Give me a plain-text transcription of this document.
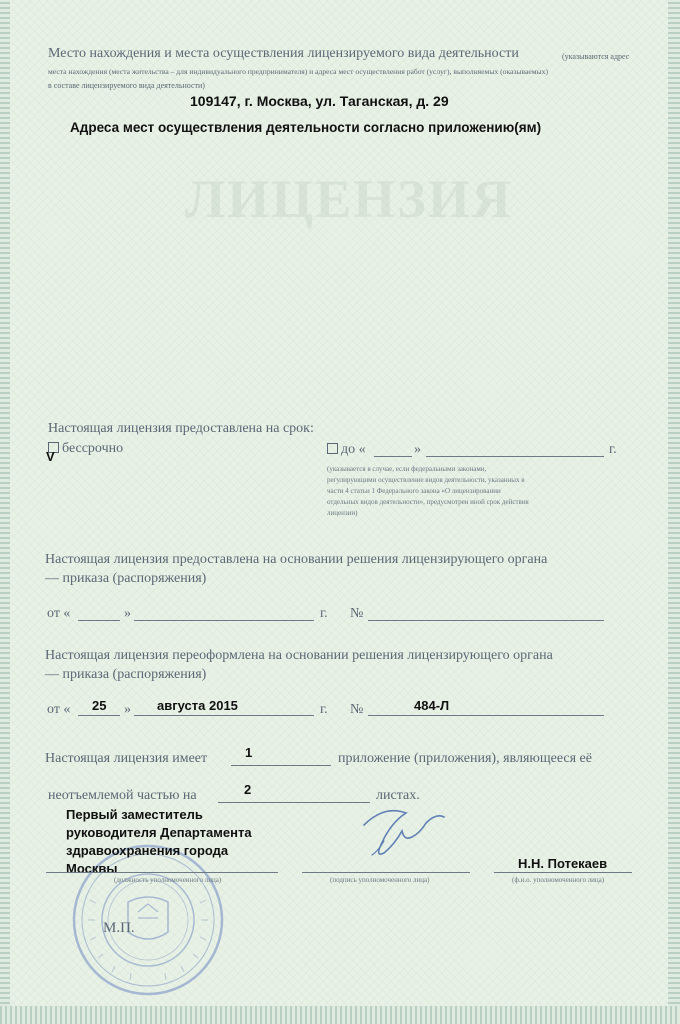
ЛИЦЕНЗИЯ
Место нахождения и места осуществления лицензируемого вида деятельности	(указываются адрес
места нахождения (места жительства – для индивидуального предпринимателя) и адреса мест осуществления работ (услуг), выполняемых (оказываемых)
в составе лицензируемого вида деятельности)
109147, г. Москва, ул. Таганская, д. 29
Адреса мест осуществления деятельности согласно приложению(ям)
Настоящая лицензия предоставлена на срок:
бессрочно
V	до «	»	г.
(указывается в случае, если федеральными законами, регулирующими осуществление видов деятельности, указанных в части 4 статьи 1 Федерального закона «О лицензировании отдельных видов деятельности», предусмотрен иной срок действия лицензии)
Настоящая лицензия предоставлена на основании решения лицензирующего органа
— приказа (распоряжения)
от «	»	г. №
Настоящая лицензия переоформлена на основании решения лицензирующего органа
— приказа (распоряжения)
от « 25 » августа 2015	г. №	484-Л
Настоящая лицензия имеет	1	приложение (приложения), являющееся её
неотъемлемой частью на	2	листах.
М.П.
Первый заместитель
руководителя Департамента
здравоохранения города
Москвы
(должность уполномоченного лица)	(подпись уполномоченного лица)	(ф.и.о. уполномоченного лица)
Н.Н. Потекаев
